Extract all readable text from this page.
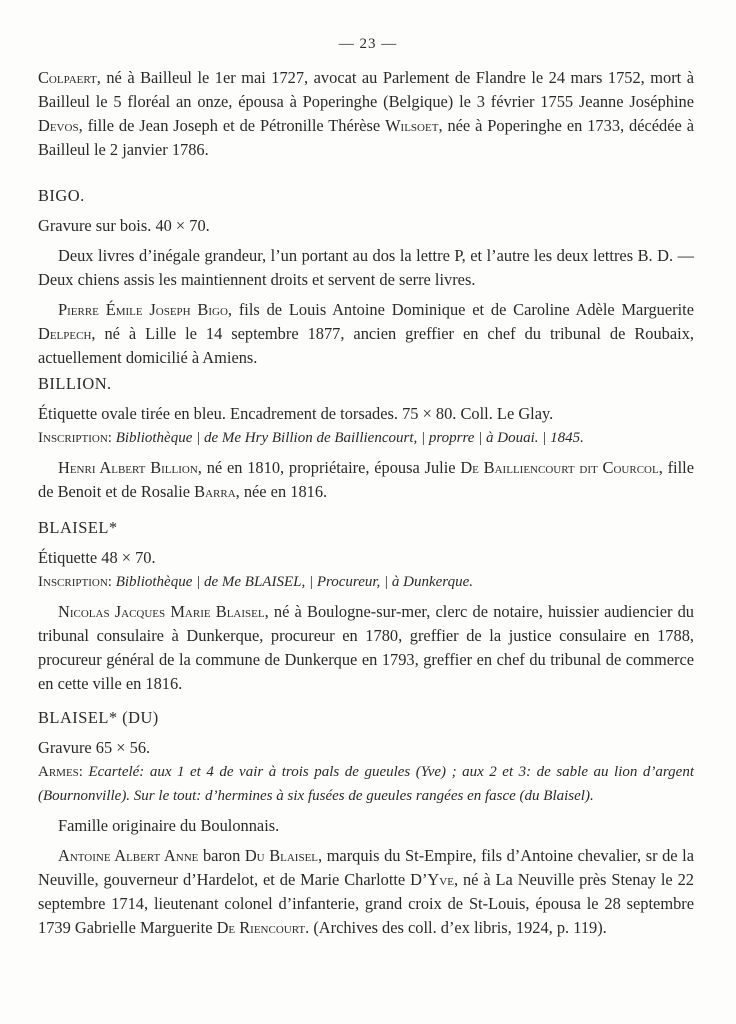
— 23 —

Colpaert, né à Bailleul le 1er mai 1727, avocat au Parlement de Flandre le 24 mars 1752, mort à Bailleul le 5 floréal an onze, épousa à Poperinghe (Belgique) le 3 février 1755 Jeanne Joséphine Devos, fille de Jean Joseph et de Pétronille Thérèse Wilsoet, née à Poperinghe en 1733, décédée à Bailleul le 2 janvier 1786.

BIGO.

Gravure sur bois. 40 × 70.

Deux livres d’inégale grandeur, l’un portant au dos la lettre P, et l’autre les deux lettres B. D. — Deux chiens assis les maintiennent droits et servent de serre livres.

Pierre Émile Joseph Bigo, fils de Louis Antoine Dominique et de Caroline Adèle Marguerite Delpech, né à Lille le 14 septembre 1877, ancien greffier en chef du tribunal de Roubaix, actuellement domicilié à Amiens.

BILLION.

Étiquette ovale tirée en bleu. Encadrement de torsades. 75 × 80. Coll. Le Glay.

Inscription: Bibliothèque | de Me Hry Billion de Bailliencourt, | proprre | à Douai. | 1845.

Henri Albert Billion, né en 1810, propriétaire, épousa Julie De Bailliencourt dit Courcol, fille de Benoit et de Rosalie Barra, née en 1816.

BLAISEL*

Étiquette 48 × 70.

Inscription: Bibliothèque | de Me BLAISEL, | Procureur, | à Dunkerque.

Nicolas Jacques Marie Blaisel, né à Boulogne-sur-mer, clerc de notaire, huissier audiencier du tribunal consulaire à Dunkerque, procureur en 1780, greffier de la justice consulaire en 1788, procureur général de la commune de Dunkerque en 1793, greffier en chef du tribunal de commerce en cette ville en 1816.

BLAISEL* (DU)

Gravure 65 × 56.

Armes: Ecartelé: aux 1 et 4 de vair à trois pals de gueules (Yve) ; aux 2 et 3: de sable au lion d’argent (Bournonville). Sur le tout: d’hermines à six fusées de gueules rangées en fasce (du Blaisel).

Famille originaire du Boulonnais.

Antoine Albert Anne baron Du Blaisel, marquis du St-Empire, fils d’Antoine chevalier, sr de la Neuville, gouverneur d’Hardelot, et de Marie Charlotte D’Yve, né à La Neuville près Stenay le 22 septembre 1714, lieutenant colonel d’infanterie, grand croix de St-Louis, épousa le 28 septembre 1739 Gabrielle Marguerite De Riencourt. (Archives des coll. d’ex libris, 1924, p. 119).
